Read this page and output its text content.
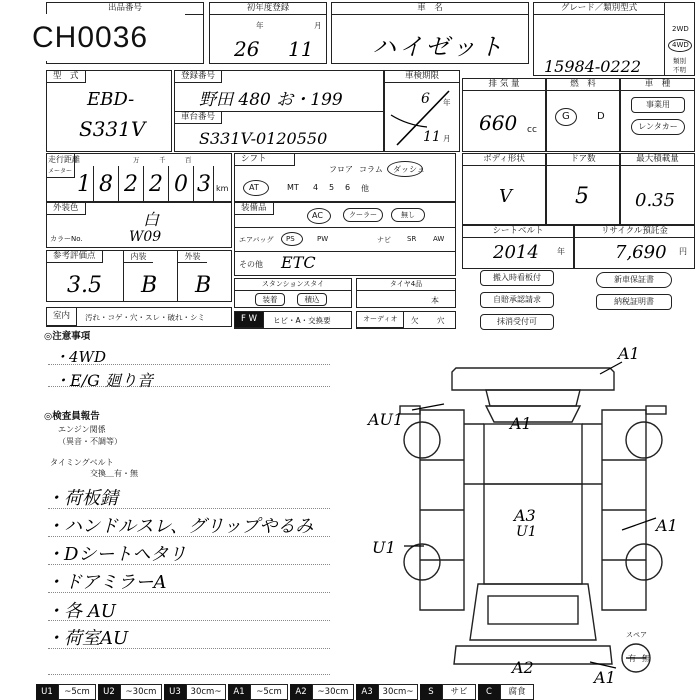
出品番号
CH0036
初年度登録
年	月
26 11
車　名
ハイゼット
グレード／類別型式
2WD
4WD
類別
不明
15984-0222
型　式
EBD-
S331V
登録番号
野田 480 お・199
車台番号
S331V-0120550
車検期限
6 年
11 月
排 気 量
660 cc
燃　料
G	D
車　種
事業用
レンタカー
走行距離
メーター
万	千	百
1 8 2 2 0 3 km
シフト
フロア コラム ダッシュ
AT	MT 4 5 6 他
ボディ形状
V
ドア数
5
最大積載量
0.35
外装色
白
カラーNo.	W09
装備品
AC	クーラー	無し
エアバッグ PS	PW	ナビ SR AW
その他 ETC
シートベルト
2014 年
リサイクル預託金
7,690 円
参考評価点	内装	外装
3.5 B B	スタンションスタイ
装着	積込
タイヤ4品
本
搬入時看板付	新車保証書
自賠承認請求	納税証明書
抹消受付可
室内	汚れ・コゲ・穴・スレ・破れ・シミ	F W	ヒビ・A・交換要	オーディオ	欠 穴
◎注意事項
・4WD
・E/G 廻り音
◎検査員報告
エンジン関係
（異音・不調等）
タイミングベルト
交換＿有・無
・荷板錆
・ハンドルスレ、グリップやるみ
・Dシートヘタリ
・ドアミラーA
・各 AU
・荷室AU
A1
A1
AU1
A3
U1
U1
A1
A2
A1
スペア
有 無
U1	~5cm	U2	~30cm	U3	30cm~	A1	~5cm	A2	~30cm	A3	30cm~	S	サビ	C	腐食
